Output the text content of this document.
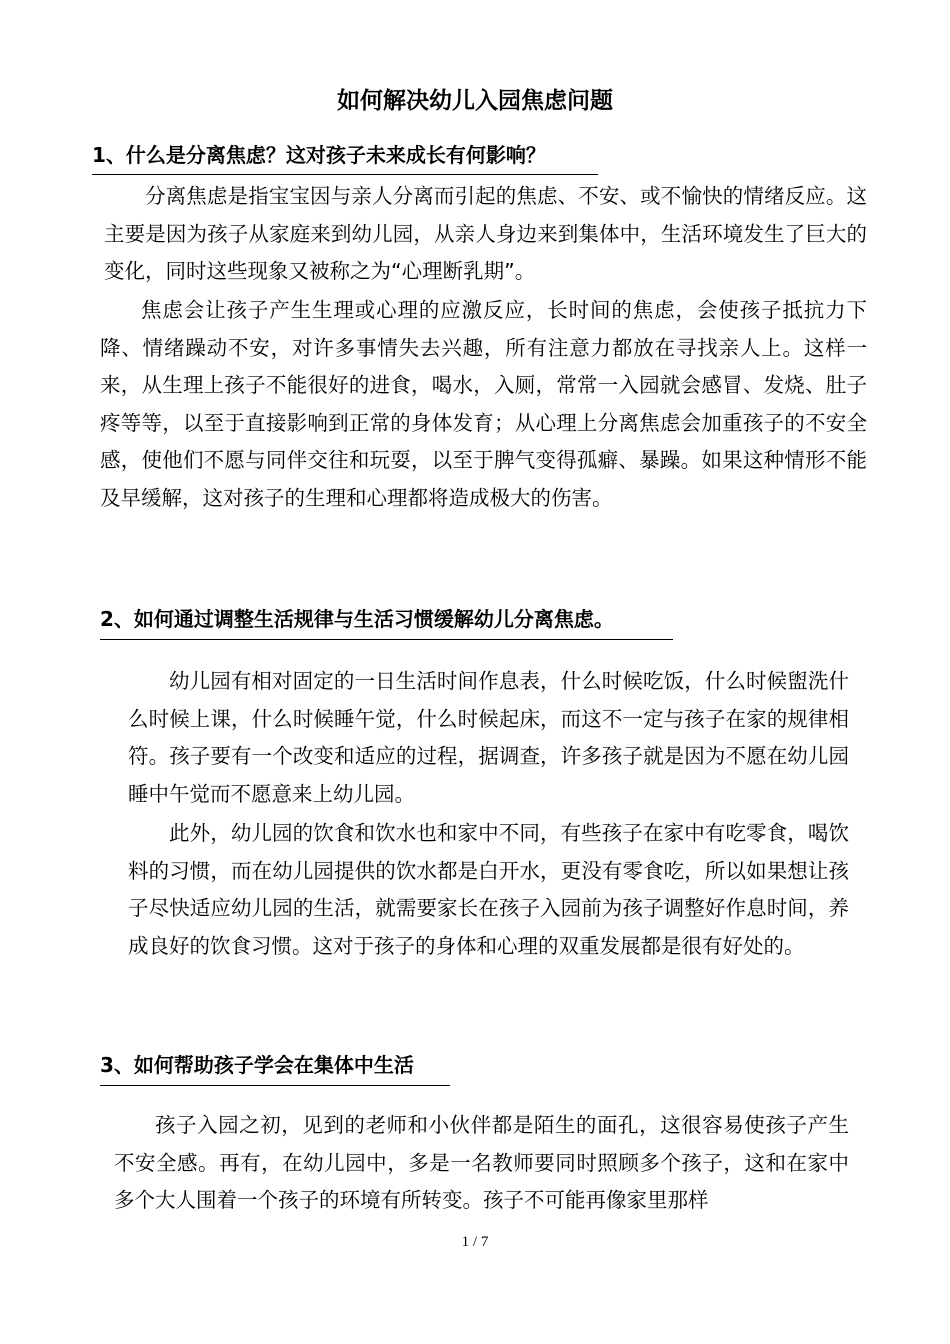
如何解决幼儿入园焦虑问题
1、什么是分离焦虑？这对孩子未来成长有何影响？

分离焦虑是指宝宝因与亲人分离而引起的焦虑、不安、或不愉快的情绪反应。这主要是因为孩子从家庭来到幼儿园，从亲人身边来到集体中，生活环境发生了巨大的变化，同时这些现象又被称之为“心理断乳期”。

焦虑会让孩子产生生理或心理的应激反应，长时间的焦虑，会使孩子抵抗力下降、情绪躁动不安，对许多事情失去兴趣，所有注意力都放在寻找亲人上。这样一来，从生理上孩子不能很好的进食，喝水，入厕，常常一入园就会感冒、发烧、肚子疼等等，以至于直接影响到正常的身体发育；从心理上分离焦虑会加重孩子的不安全感，使他们不愿与同伴交往和玩耍，以至于脾气变得孤癖、暴躁。如果这种情形不能及早缓解，这对孩子的生理和心理都将造成极大的伤害。

2、如何通过调整生活规律与生活习惯缓解幼儿分离焦虑。

幼儿园有相对固定的一日生活时间作息表，什么时候吃饭，什么时候盥洗什么时候上课，什么时候睡午觉，什么时候起床，而这不一定与孩子在家的规律相符。孩子要有一个改变和适应的过程，据调查，许多孩子就是因为不愿在幼儿园睡中午觉而不愿意来上幼儿园。

此外，幼儿园的饮食和饮水也和家中不同，有些孩子在家中有吃零食，喝饮料的习惯，而在幼儿园提供的饮水都是白开水，更没有零食吃，所以如果想让孩子尽快适应幼儿园的生活，就需要家长在孩子入园前为孩子调整好作息时间，养成良好的饮食习惯。这对于孩子的身体和心理的双重发展都是很有好处的。

3、如何帮助孩子学会在集体中生活

孩子入园之初，见到的老师和小伙伴都是陌生的面孔，这很容易使孩子产生不安全感。再有，在幼儿园中，多是一名教师要同时照顾多个孩子，这和在家中多个大人围着一个孩子的环境有所转变。孩子不可能再像家里那样

1 / 7
